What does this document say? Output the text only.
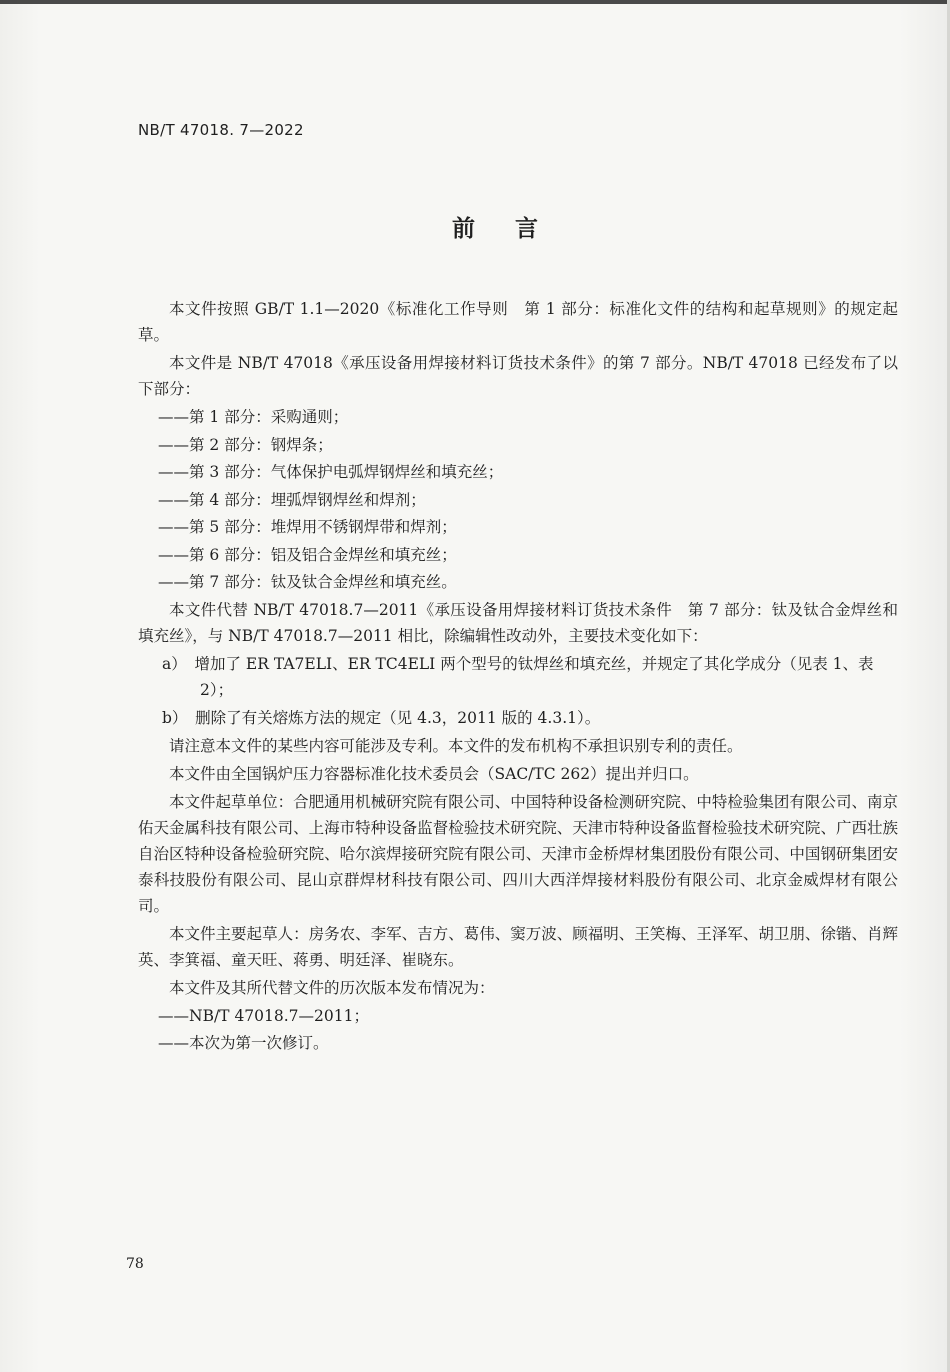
NB/T 47018. 7—2022
前言

本文件按照 GB/T 1.1—2020《标准化工作导则　第 1 部分：标准化文件的结构和起草规则》的规定起草。

本文件是 NB/T 47018《承压设备用焊接材料订货技术条件》的第 7 部分。NB/T 47018 已经发布了以下部分：

——第 1 部分：采购通则；
——第 2 部分：钢焊条；
——第 3 部分：气体保护电弧焊钢焊丝和填充丝；
——第 4 部分：埋弧焊钢焊丝和焊剂；
——第 5 部分：堆焊用不锈钢焊带和焊剂；
——第 6 部分：铝及铝合金焊丝和填充丝；
——第 7 部分：钛及钛合金焊丝和填充丝。

本文件代替 NB/T 47018.7—2011《承压设备用焊接材料订货技术条件　第 7 部分：钛及钛合金焊丝和填充丝》，与 NB/T 47018.7—2011 相比，除编辑性改动外，主要技术变化如下：

a）　增加了 ER TA7ELI、ER TC4ELI 两个型号的钛焊丝和填充丝，并规定了其化学成分（见表 1、表 2）；

b）　删除了有关熔炼方法的规定（见 4.3，2011 版的 4.3.1）。

请注意本文件的某些内容可能涉及专利。本文件的发布机构不承担识别专利的责任。

本文件由全国锅炉压力容器标准化技术委员会（SAC/TC 262）提出并归口。

本文件起草单位：合肥通用机械研究院有限公司、中国特种设备检测研究院、中特检验集团有限公司、南京佑天金属科技有限公司、上海市特种设备监督检验技术研究院、天津市特种设备监督检验技术研究院、广西壮族自治区特种设备检验研究院、哈尔滨焊接研究院有限公司、天津市金桥焊材集团股份有限公司、中国钢研集团安泰科技股份有限公司、昆山京群焊材科技有限公司、四川大西洋焊接材料股份有限公司、北京金威焊材有限公司。

本文件主要起草人：房务农、李军、吉方、葛伟、窦万波、顾福明、王笑梅、王泽军、胡卫朋、徐锴、肖辉英、李箕福、童天旺、蒋勇、明廷泽、崔晓东。

本文件及其所代替文件的历次版本发布情况为：

——NB/T 47018.7—2011；
——本次为第一次修订。
78
